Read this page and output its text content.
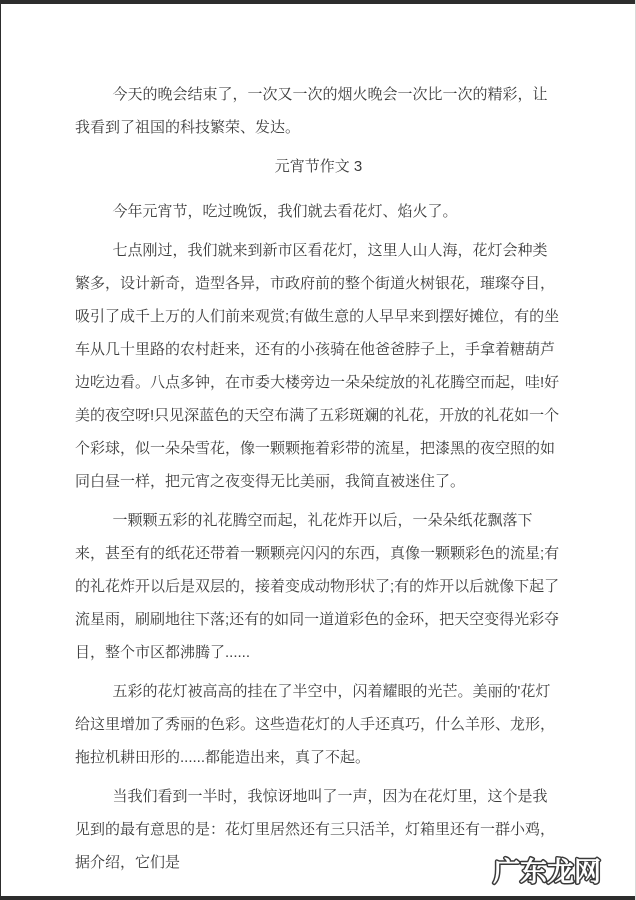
今天的晚会结束了，一次又一次的烟火晚会一次比一次的精彩，让我看到了祖国的科技繁荣、发达。

元宵节作文 3

今年元宵节，吃过晚饭，我们就去看花灯、焰火了。

七点刚过，我们就来到新市区看花灯，这里人山人海，花灯会种类繁多，设计新奇，造型各异，市政府前的整个街道火树银花，璀璨夺目，吸引了成千上万的人们前来观赏;有做生意的人早早来到摆好摊位，有的坐车从几十里路的农村赶来，还有的小孩骑在他爸爸脖子上，手拿着糖葫芦边吃边看。八点多钟，在市委大楼旁边一朵朵绽放的礼花腾空而起，哇!好美的夜空呀!只见深蓝色的天空布满了五彩斑斓的礼花，开放的礼花如一个个彩球，似一朵朵雪花，像一颗颗拖着彩带的流星，把漆黑的夜空照的如同白昼一样，把元宵之夜变得无比美丽，我简直被迷住了。

一颗颗五彩的礼花腾空而起，礼花炸开以后，一朵朵纸花飘落下来，甚至有的纸花还带着一颗颗亮闪闪的东西，真像一颗颗彩色的流星;有的礼花炸开以后是双层的，接着变成动物形状了;有的炸开以后就像下起了流星雨，刷刷地往下落;还有的如同一道道彩色的金环，把天空变得光彩夺目，整个市区都沸腾了......

五彩的花灯被高高的挂在了半空中，闪着耀眼的光芒。美丽的'花灯给这里增加了秀丽的色彩。这些造花灯的人手还真巧，什么羊形、龙形，拖拉机耕田形的......都能造出来，真了不起。

当我们看到一半时，我惊讶地叫了一声，因为在花灯里，这个是我见到的最有意思的是：花灯里居然还有三只活羊，灯箱里还有一群小鸡，据介绍，它们是	广东龙网
